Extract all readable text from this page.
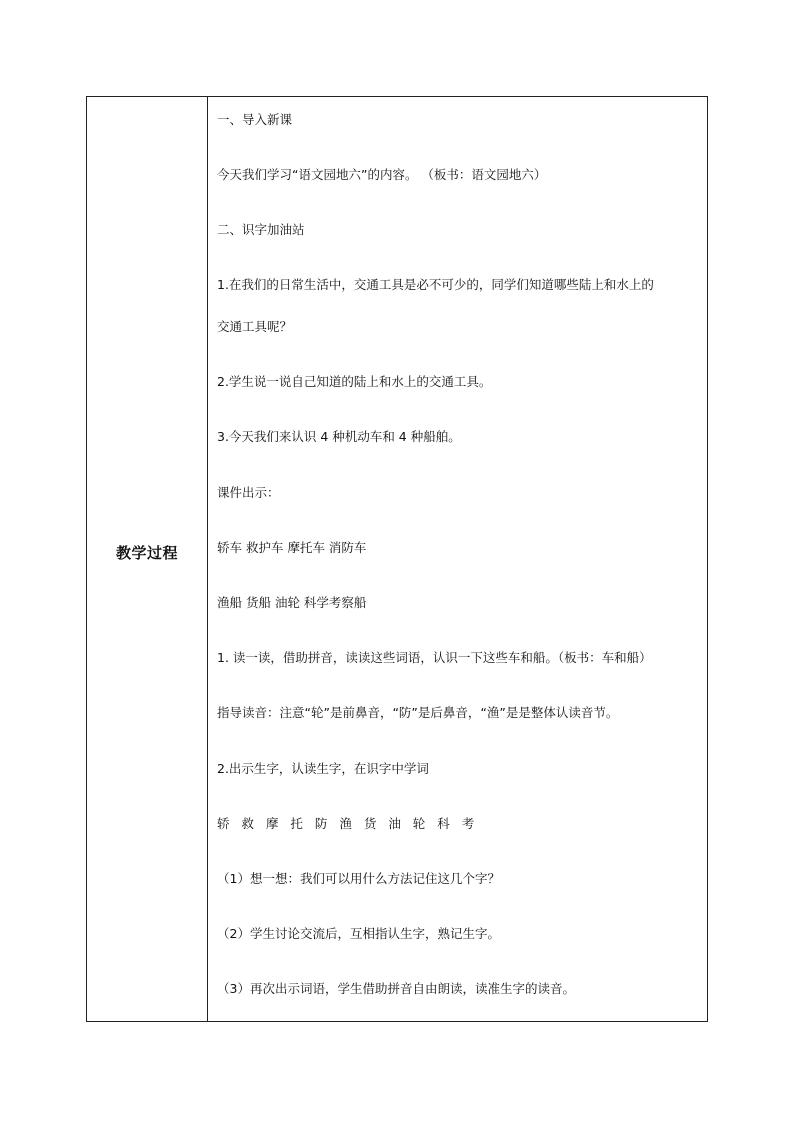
教学过程
一、导入新课
今天我们学习“语文园地六”的内容。 （板书：语文园地六）
二、识字加油站
1.在我们的日常生活中，交通工具是必不可少的，同学们知道哪些陆上和水上的
交通工具呢？
2.学生说一说自己知道的陆上和水上的交通工具。
3.今天我们来认识 4 种机动车和 4 种船舶。
课件出示：
轿车 救护车 摩托车 消防车
渔船 货船 油轮 科学考察船
1. 读一读，借助拼音，读读这些词语，认识一下这些车和船。（板书：车和船）
指导读音：注意“轮”是前鼻音，“防”是后鼻音，“渔”是是整体认读音节。
2.出示生字，认读生字，在识字中学词
轿 救 摩 托 防 渔 货 油 轮 科 考
（1）想一想：我们可以用什么方法记住这几个字？
（2）学生讨论交流后，互相指认生字，熟记生字。
（3）再次出示词语，学生借助拼音自由朗读，读准生字的读音。
